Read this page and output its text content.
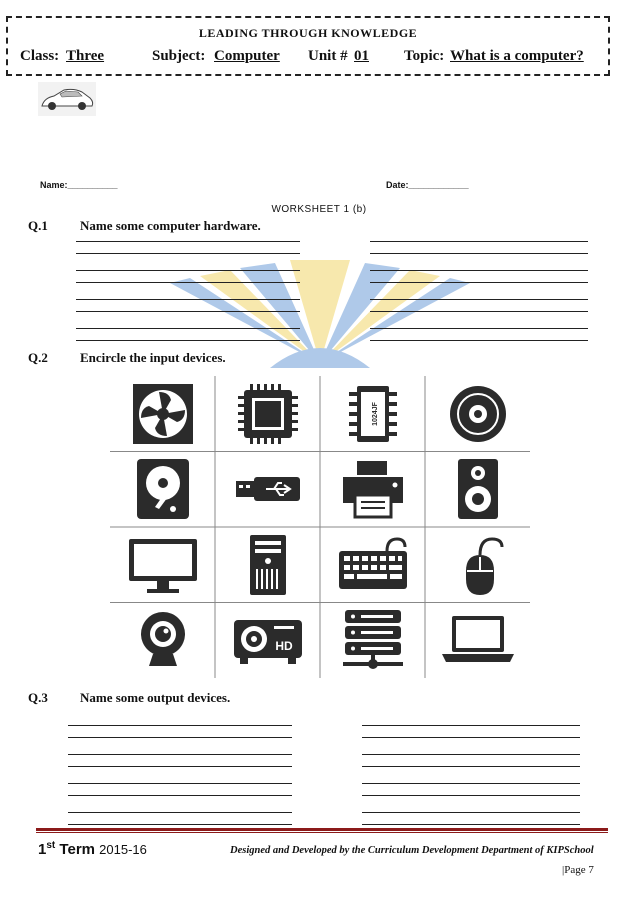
LEADING THROUGH KNOWLEDGE
Class: Three	Subject: Computer Unit # 01 Topic: What is a computer?
Name:__________	Date:____________
WORKSHEET 1 (b)
Q.1 Name some computer hardware.
Q.2 Encircle the input devices.
1024JF
HD
Q.3 Name some output devices.
1st Term 2015-16	Designed and Developed by the Curriculum Development Department of KIPSchool
|Page 7
